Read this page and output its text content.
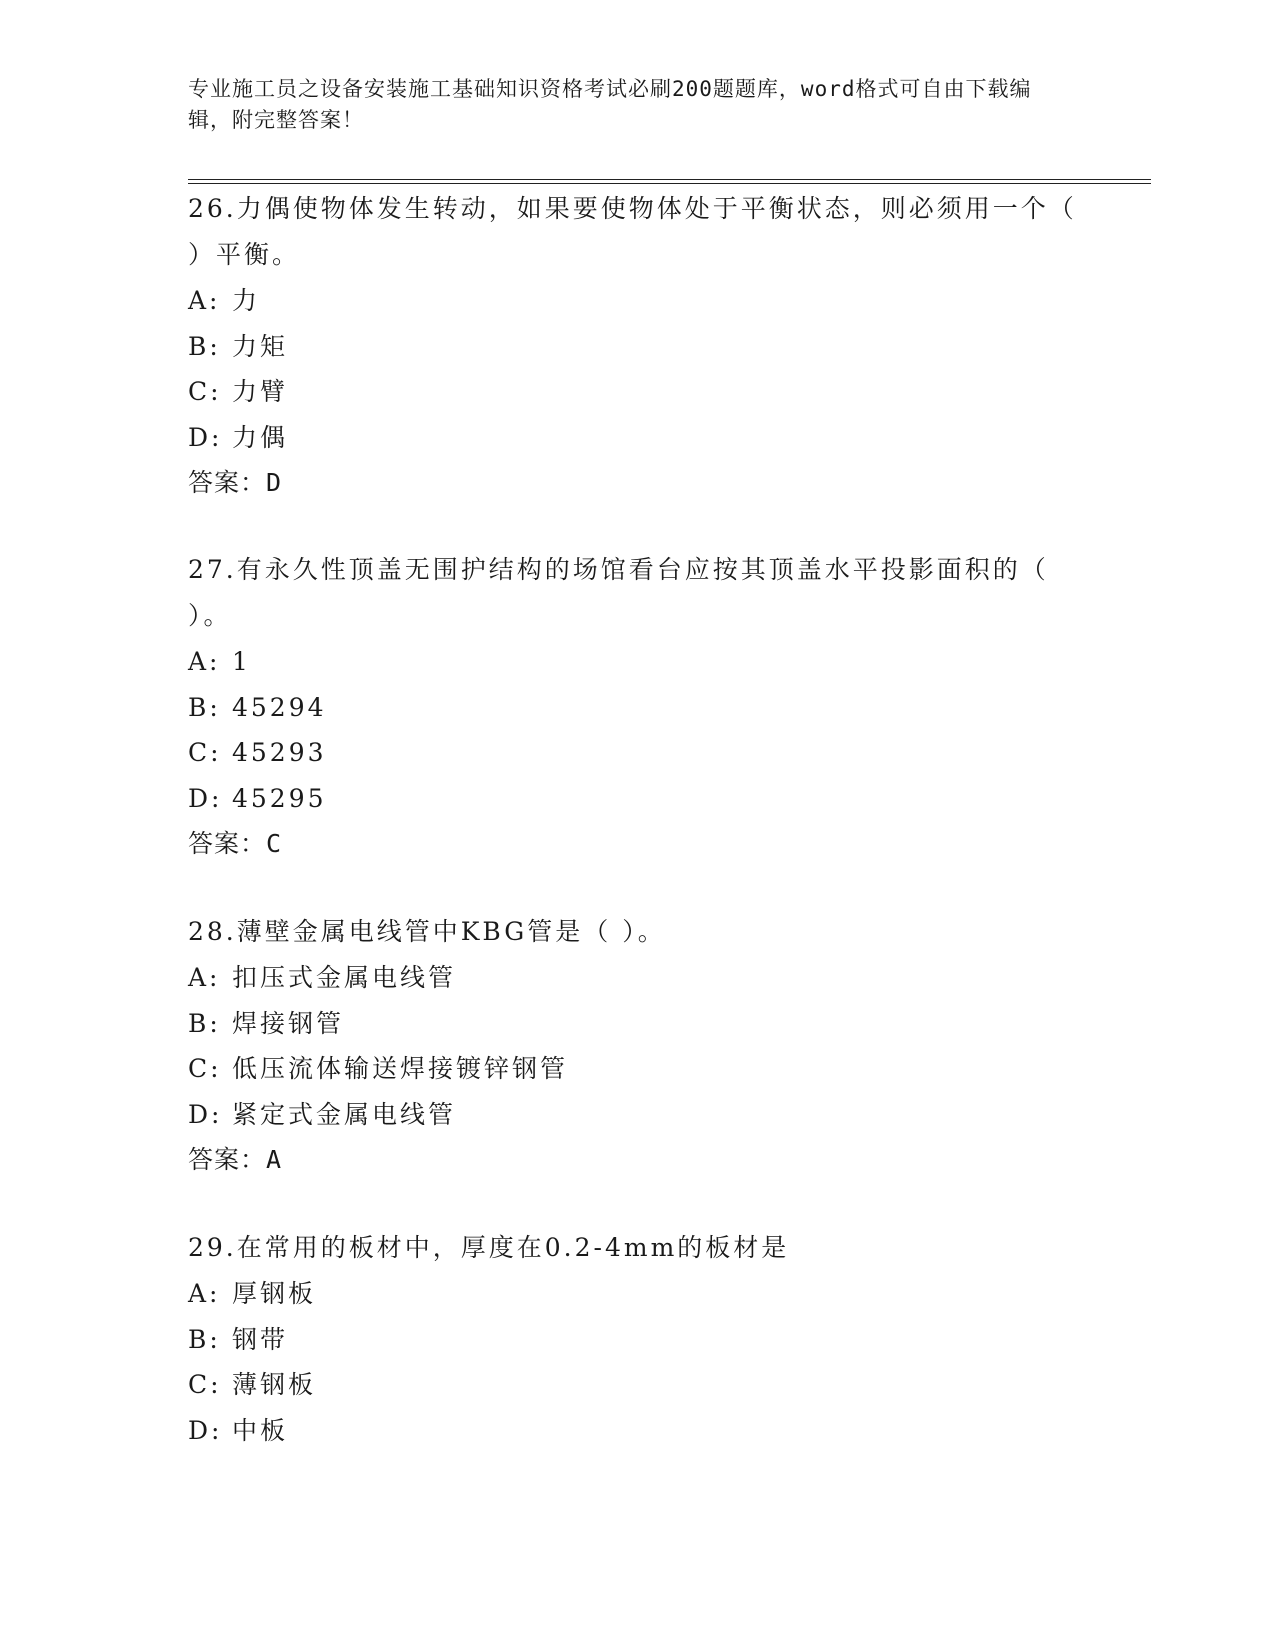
专业施工员之设备安装施工基础知识资格考试必刷200题题库，word格式可自由下载编辑，附完整答案！
26.力偶使物体发生转动，如果要使物体处于平衡状态，则必须用一个（ ）平衡。
A: 力
B: 力矩
C: 力臂
D: 力偶
答案：D
27.有永久性顶盖无围护结构的场馆看台应按其顶盖水平投影面积的（ ）。
A: 1
B: 45294
C: 45293
D: 45295
答案：C
28.薄壁金属电线管中KBG管是（ ）。
A: 扣压式金属电线管
B: 焊接钢管
C: 低压流体输送焊接镀锌钢管
D: 紧定式金属电线管
答案：A
29.在常用的板材中，厚度在0.2-4mm的板材是
A: 厚钢板
B: 钢带
C: 薄钢板
D: 中板
